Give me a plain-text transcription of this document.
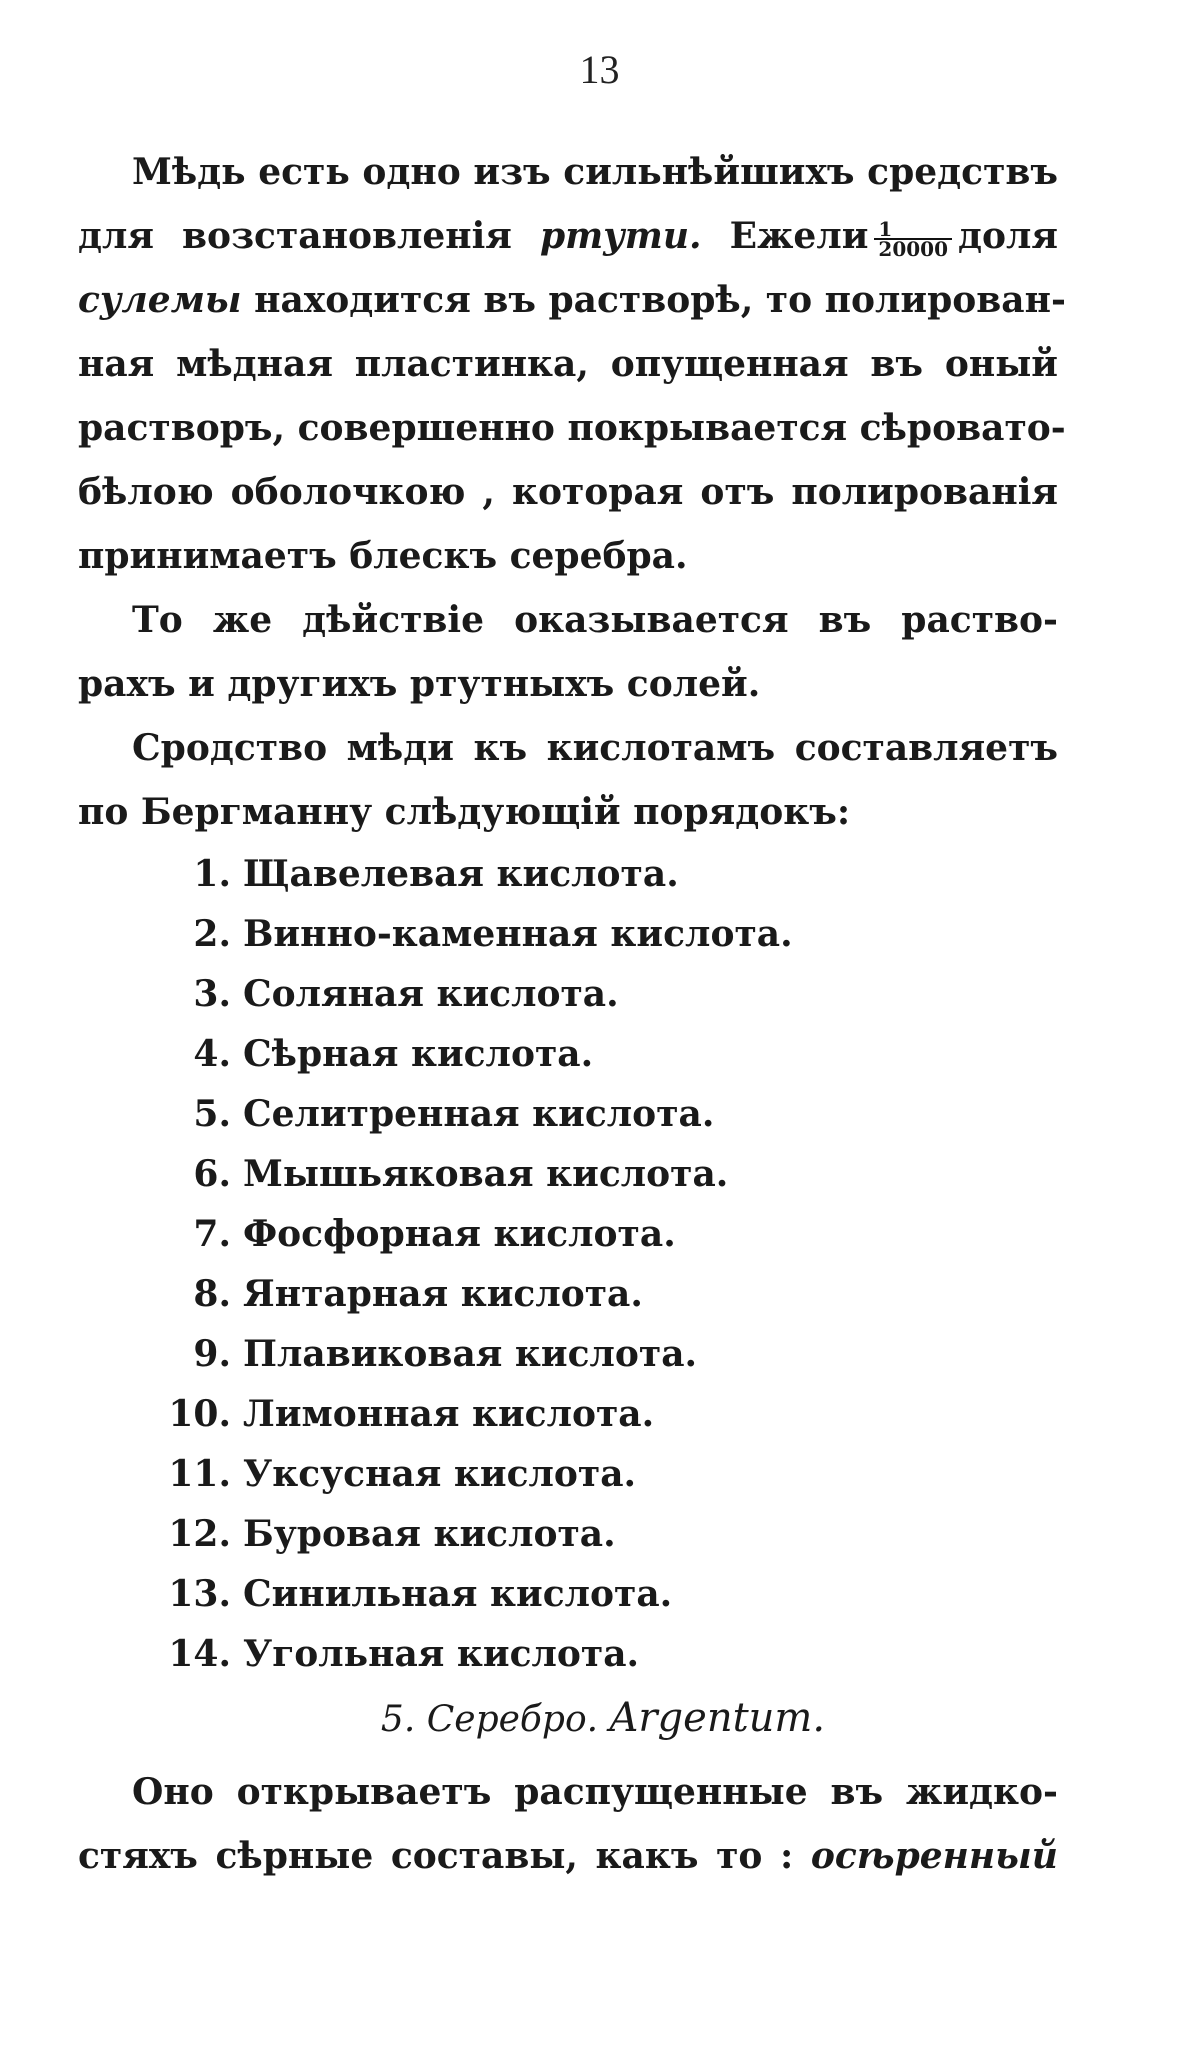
13
Мѣдь есть одно изъ сильнѣйшихъ средствъ
для возстановленія ртути. Ежели $\frac{1}{20000}$ доля
сулемы находится въ растворѣ, то полирован-
ная мѣдная пластинка, опущенная въ оный
растворъ, совершенно покрывается сѣровато-
бѣлою оболочкою , которая отъ полированія
принимаетъ блескъ серебра.
То же дѣйствіе оказывается въ раство-
рахъ и другихъ ртутныхъ солей.
Сродство мѣди къ кислотамъ составляетъ
по Бергманну слѣдующій порядокъ:
1. Щавелевая кислота.
2. Винно-каменная кислота.
3. Соляная кислота.
4. Сѣрная кислота.
5. Селитренная кислота.
6. Мышьяковая кислота.
7. Фосфорная кислота.
8. Янтарная кислота.
9. Плавиковая кислота.
10. Лимонная кислота.
11. Уксусная кислота.
12. Буровая кислота.
13. Синильная кислота.
14. Угольная кислота.
5. Серебро. Argentum.
Оно открываетъ распущенные въ жидко-
стяхъ сѣрные составы, какъ то : осѣренный
